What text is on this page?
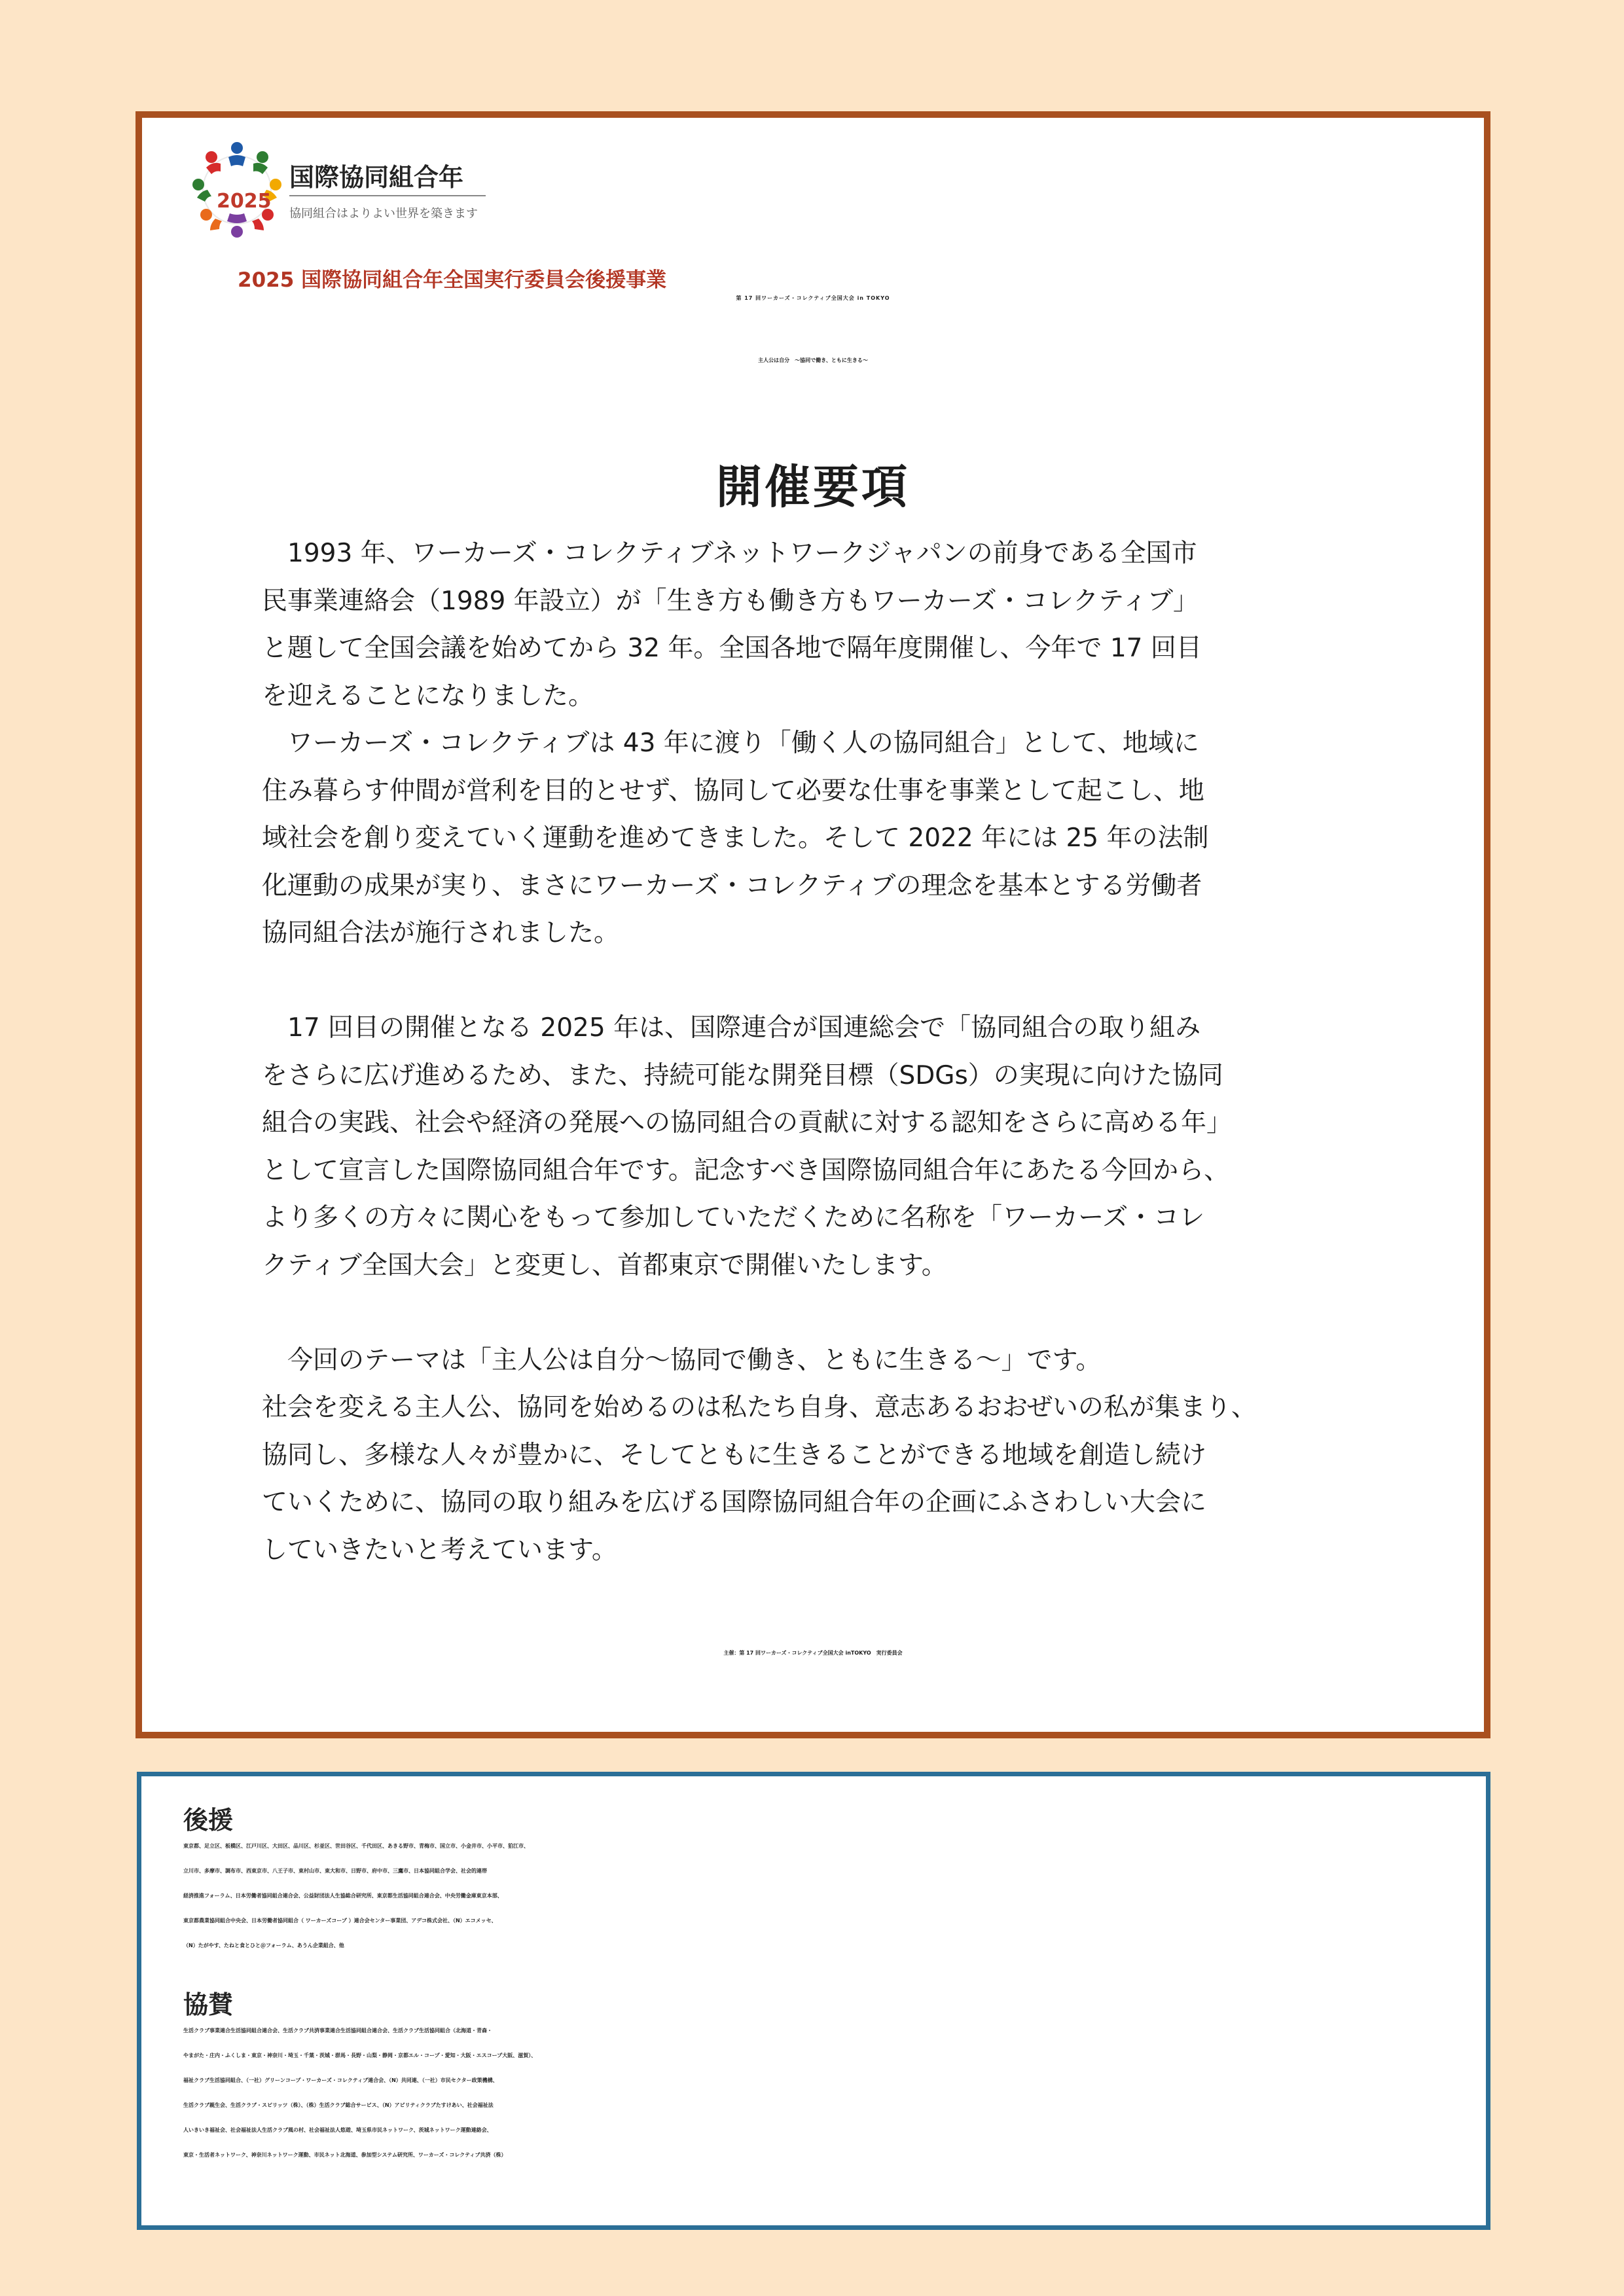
2025
国際協同組合年
協同組合はよりよい世界を築きます
2025 国際協同組合年全国実行委員会後援事業
第 17 回ワーカーズ・コレクティブ全国大会 in TOKYO
主人公は自分　～協同で働き、ともに生きる～
開催要項
　1993 年、ワーカーズ・コレクティブネットワークジャパンの前身である全国市
民事業連絡会（1989 年設立）が「生き方も働き方もワーカーズ・コレクティブ」
と題して全国会議を始めてから 32 年。全国各地で隔年度開催し、今年で 17 回目
を迎えることになりました。
　ワーカーズ・コレクティブは 43 年に渡り「働く人の協同組合」として、地域に
住み暮らす仲間が営利を目的とせず、協同して必要な仕事を事業として起こし、地
域社会を創り変えていく運動を進めてきました。そして 2022 年には 25 年の法制
化運動の成果が実り、まさにワーカーズ・コレクティブの理念を基本とする労働者
協同組合法が施行されました。
　17 回目の開催となる 2025 年は、国際連合が国連総会で「協同組合の取り組み
をさらに広げ進めるため、また、持続可能な開発目標（SDGs）の実現に向けた協同
組合の実践、社会や経済の発展への協同組合の貢献に対する認知をさらに高める年」
として宣言した国際協同組合年です。記念すべき国際協同組合年にあたる今回から、
より多くの方々に関心をもって参加していただくために名称を「ワーカーズ・コレ
クティブ全国大会」と変更し、首都東京で開催いたします。
　今回のテーマは「主人公は自分～協同で働き、ともに生きる～」です。
社会を変える主人公、協同を始めるのは私たち自身、意志あるおおぜいの私が集まり、
協同し、多様な人々が豊かに、そしてともに生きることができる地域を創造し続け
ていくために、協同の取り組みを広げる国際協同組合年の企画にふさわしい大会に
していきたいと考えています。
主催：第 17 回ワーカーズ・コレクティブ全国大会 inTOKYO　実行委員会
後援
東京都、足立区、板橋区、江戸川区、大田区、品川区、杉並区、世田谷区、千代田区、あきる野市、青梅市、国立市、小金井市、小平市、狛江市、
立川市、多摩市、調布市、西東京市、八王子市、東村山市、東大和市、日野市、府中市、三鷹市、日本協同組合学会、社会的連帯
経済推進フォーラム、日本労働者協同組合連合会、公益財団法人生協総合研究所、東京都生活協同組合連合会、中央労働金庫東京本部、
東京都農業協同組合中央会、日本労働者協同組合（ ワーカーズコープ ）連合会センター事業団、アデコ株式会社、（N）エコメッセ、
（N）たがやす、たねと食とひと＠フォーラム、あうん企業組合、他
協賛
生活クラブ事業連合生活協同組合連合会、生活クラブ共済事業連合生活協同組合連合会、生活クラブ生活協同組合（北海道・青森・
やまがた・庄内・ふくしま・東京・神奈川・埼玉・千葉・茨城・群馬・長野・山梨・静岡・京都エル・コープ・愛知・大阪・エスコープ大阪、滋賀）、
福祉クラブ生活協同組合、（一社）グリーンコープ・ワーカーズ・コレクティブ連合会、（N）共同連、（一社）市民セクター政策機構、
生活クラブ親生会、生活クラブ・スピリッツ（株）、（株）生活クラブ総合サービス、（N）アビリティクラブたすけあい、社会福祉法
人いきいき福祉会、社会福祉法人生活クラブ風の村、社会福祉法人悠遊、埼玉県市民ネットワーク、茨城ネットワーク運動連絡会、
東京・生活者ネットワーク、神奈川ネットワーク運動、市民ネット北海道、参加型システム研究所、ワーカーズ・コレクティブ共済（株）
